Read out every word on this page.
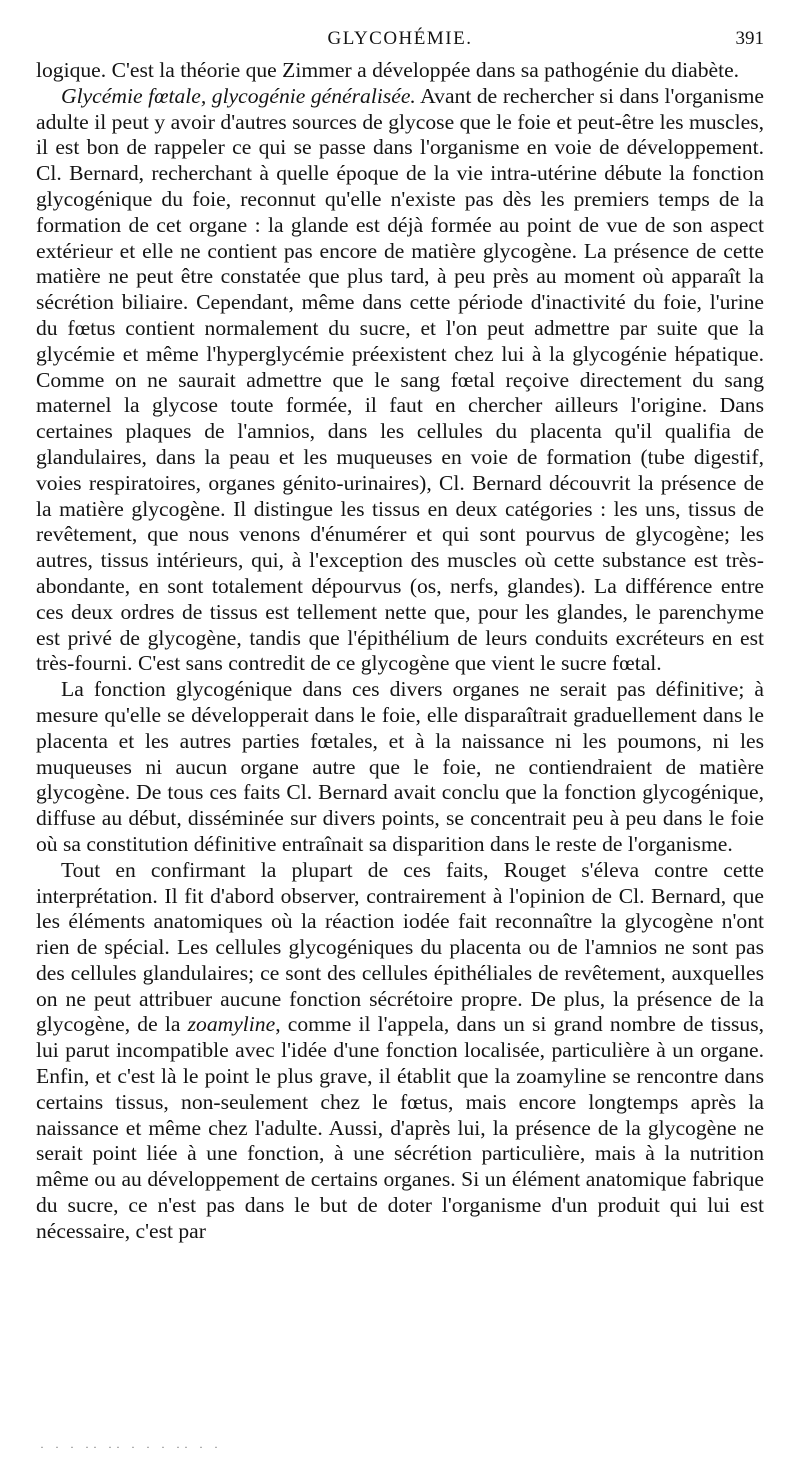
GLYCOHÉMIE.	391

logique. C'est la théorie que Zimmer a développée dans sa pathogénie du diabète.

Glycémie fœtale, glycogénie généralisée. Avant de rechercher si dans l'organisme adulte il peut y avoir d'autres sources de glycose que le foie et peut-être les muscles, il est bon de rappeler ce qui se passe dans l'organisme en voie de développement. Cl. Bernard, recherchant à quelle époque de la vie intra-utérine débute la fonction glycogénique du foie, reconnut qu'elle n'existe pas dès les premiers temps de la formation de cet organe : la glande est déjà formée au point de vue de son aspect extérieur et elle ne contient pas encore de matière glycogène. La présence de cette matière ne peut être constatée que plus tard, à peu près au moment où apparaît la sécrétion biliaire. Cependant, même dans cette période d'inactivité du foie, l'urine du fœtus contient normalement du sucre, et l'on peut admettre par suite que la glycémie et même l'hyperglycémie préexistent chez lui à la glycogénie hépatique. Comme on ne saurait admettre que le sang fœtal reçoive directement du sang maternel la glycose toute formée, il faut en chercher ailleurs l'origine. Dans certaines plaques de l'amnios, dans les cellules du placenta qu'il qualifia de glandulaires, dans la peau et les muqueuses en voie de formation (tube digestif, voies respiratoires, organes génito-urinaires), Cl. Bernard découvrit la présence de la matière glycogène. Il distingue les tissus en deux catégories : les uns, tissus de revêtement, que nous venons d'énumérer et qui sont pourvus de glycogène; les autres, tissus intérieurs, qui, à l'exception des muscles où cette substance est très-abondante, en sont totalement dépourvus (os, nerfs, glandes). La différence entre ces deux ordres de tissus est tellement nette que, pour les glandes, le parenchyme est privé de glycogène, tandis que l'épithélium de leurs conduits excréteurs en est très-fourni. C'est sans contredit de ce glycogène que vient le sucre fœtal.

La fonction glycogénique dans ces divers organes ne serait pas définitive; à mesure qu'elle se développerait dans le foie, elle disparaîtrait graduellement dans le placenta et les autres parties fœtales, et à la naissance ni les poumons, ni les muqueuses ni aucun organe autre que le foie, ne contiendraient de matière glycogène. De tous ces faits Cl. Bernard avait conclu que la fonction glycogénique, diffuse au début, disséminée sur divers points, se concentrait peu à peu dans le foie où sa constitution définitive entraînait sa disparition dans le reste de l'organisme.

Tout en confirmant la plupart de ces faits, Rouget s'éleva contre cette interprétation. Il fit d'abord observer, contrairement à l'opinion de Cl. Bernard, que les éléments anatomiques où la réaction iodée fait reconnaître la glycogène n'ont rien de spécial. Les cellules glycogéniques du placenta ou de l'amnios ne sont pas des cellules glandulaires; ce sont des cellules épithéliales de revêtement, auxquelles on ne peut attribuer aucune fonction sécrétoire propre. De plus, la présence de la glycogène, de la zoamyline, comme il l'appela, dans un si grand nombre de tissus, lui parut incompatible avec l'idée d'une fonction localisée, particulière à un organe. Enfin, et c'est là le point le plus grave, il établit que la zoamyline se rencontre dans certains tissus, non-seulement chez le fœtus, mais encore longtemps après la naissance et même chez l'adulte. Aussi, d'après lui, la présence de la glycogène ne serait point liée à une fonction, à une sécrétion particulière, mais à la nutrition même ou au développement de certains organes. Si un élément anatomique fabrique du sucre, ce n'est pas dans le but de doter l'organisme d'un produit qui lui est nécessaire, c'est par

· · · ·· ·· · · · ·· · ·
